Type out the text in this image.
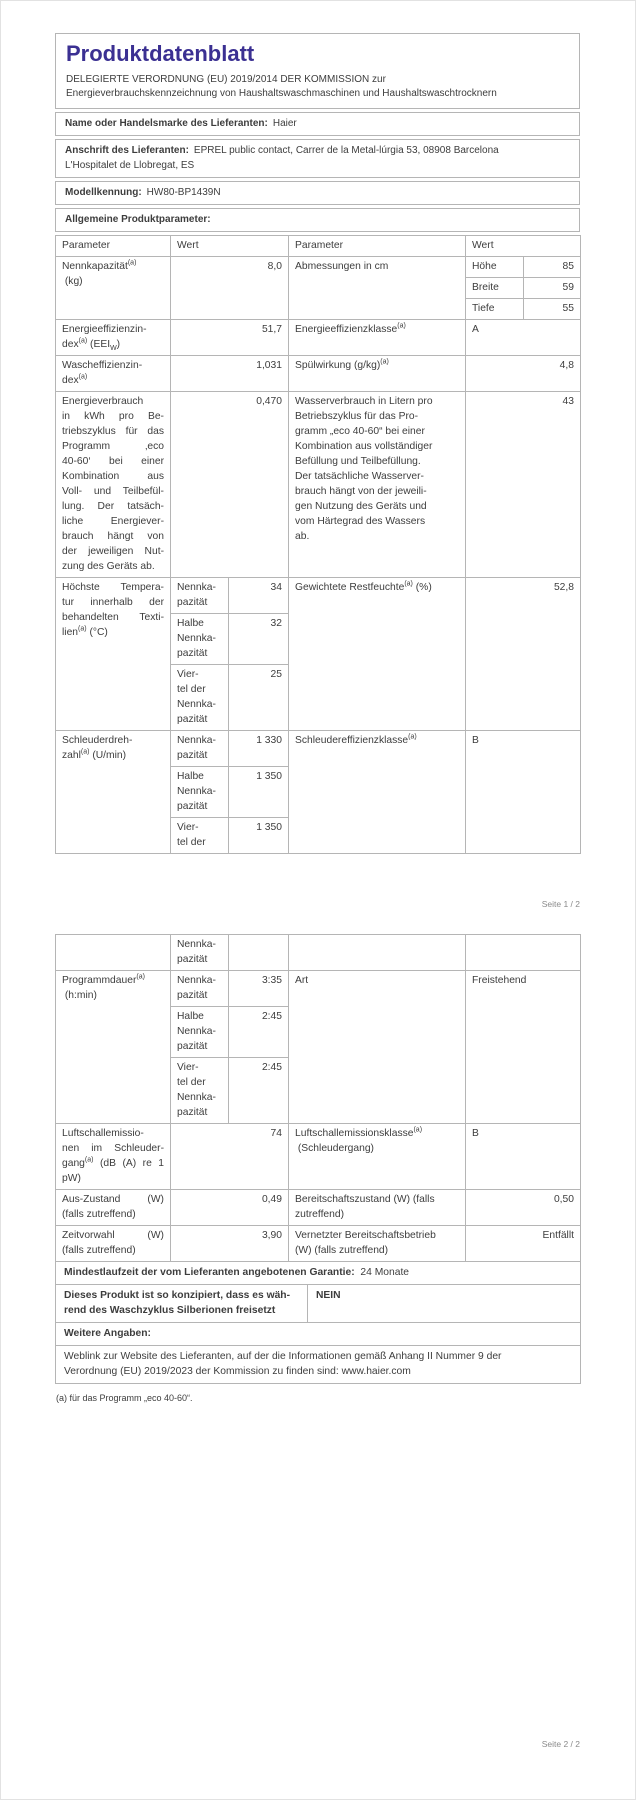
Produktdatenblatt
DELEGIERTE VERORDNUNG (EU) 2019/2014 DER KOMMISSION zur
Energieverbrauchskennzeichnung von Haushaltswaschmaschinen und Haushaltswaschtrocknern
Name oder Handelsmarke des Lieferanten: Haier
Anschrift des Lieferanten: EPREL public contact, Carrer de la Metal-lúrgia 53, 08908 Barcelona
L'Hospitalet de Llobregat, ES
Modellkennung: HW80-BP1439N
Allgemeine Produktparameter:
Parameter	Wert	Parameter	Wert

Nennkapazität$^{(a)}$
(kg)
	8,0	Abmessungen in cm
		Höhe	85

Breite	59

Tiefe	55

Energieeffizienzin-
dex$^{(a)}$ $(EEI_W)$
	51,7	Energieeffizienzklasse$^{(a)}$	A

Wascheffizienzin-
dex$^{(a)}$
	1,031	Spülwirkung $(g/kg)^{(a)}$	4,8

Energieverbrauch
in kWh pro Be-
triebszyklus für das
Programm ‚eco
40-60‘ bei einer
Kombination aus
Voll- und Teilbefül-
lung. Der tatsäch-
liche Energiever-
brauch hängt von
der jeweiligen Nut-
zung des Geräts ab.
	0,470	Wasserverbrauch in Litern pro
Betriebszyklus für das Pro-
gramm „eco 40-60“ bei einer
Kombination aus vollständiger
Befüllung und Teilbefüllung.
Der tatsächliche Wasserver-
brauch hängt von der jeweili-
gen Nutzung des Geräts und
vom Härtegrad des Wassers
ab.
	43

Höchste Tempera-
tur innerhalb der
behandelten Texti-
lien$^{(a)}$ (°C)

Nennka-
pazität
	34

Halbe
Nennka-
pazität
	32

Vier-
tel der
Nennka-
pazität
	25

Gewichtete Restfeuchte$^{(a)}$ (%)	52,8

Schleuderdreh-
zahl$^{(a)}$ (U/min)

Nennka-
pazität
	1 330

Halbe
Nennka-
pazität
	1 350

Vier-
tel der
	1 350

Schleudereffizienzklasse$^{(a)}$	B
Seite 1 / 2

Nennka-
pazität

Programmdauer$^{(a)}$
(h:min)

Nennka-
pazität
	3:35

Halbe
Nennka-
pazität
	2:45

Vier-
tel der
Nennka-
pazität
	2:45

Art	Freistehend

Luftschallemissio-
nen im Schleuder-
gang$^{(a)}$ (dB (A) re 1
pW)
	74	Luftschallemissionsklasse$^{(a)}$
(Schleudergang)
	B

Aus-Zustand (W)
(falls zutreffend)
	0,49	Bereitschaftszustand (W) (falls
zutreffend)
	0,50

Zeitvorwahl (W)
(falls zutreffend)
	3,90	Vernetzter Bereitschaftsbetrieb
(W) (falls zutreffend)
	Entfällt
Mindestlaufzeit der vom Lieferanten angebotenen Garantie:  24 Monate

Dieses Produkt ist so konzipiert, dass es wäh-
rend des Waschzyklus Silberionen freisetzt
	NEIN
Weitere Angaben:

Weblink zur Website des Lieferanten, auf der die Informationen gemäß Anhang II Nummer 9 der
Verordnung (EU) 2019/2023 der Kommission zu finden sind: www.haier.com
(a) für das Programm „eco 40-60“.
Seite 2 / 2
